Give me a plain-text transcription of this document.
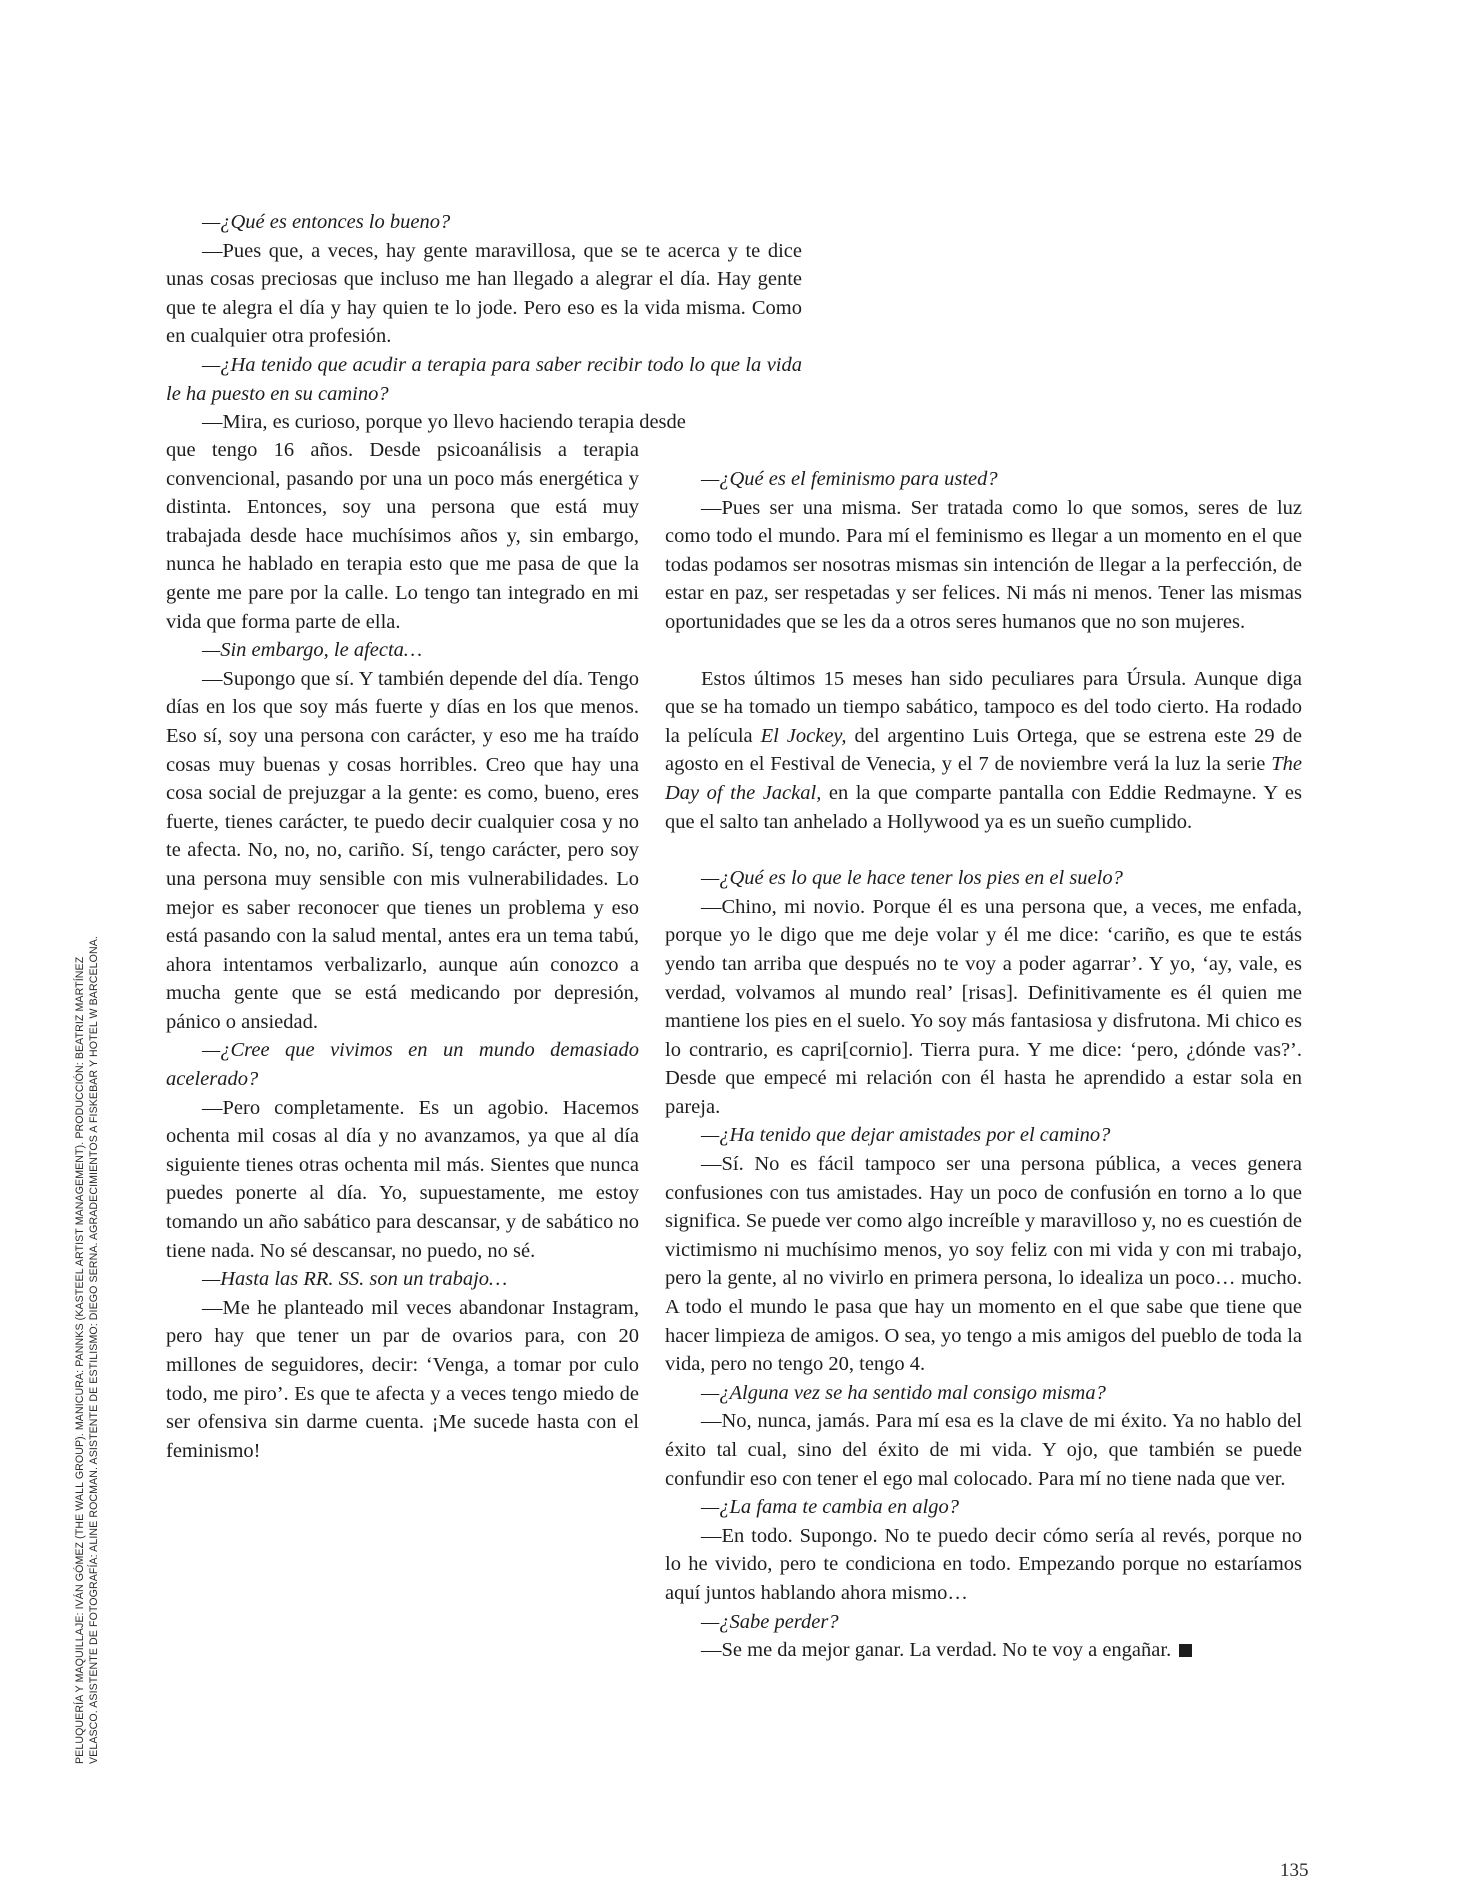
PELUQUERÍA Y MAQUILLAJE: IVÁN GÓMEZ (THE WALL GROUP). MANICURA: PANNKS (KASTEEL ARTIST MANAGEMENT). PRODUCCIÓN: BEATRIZ MARTÍNEZ VELASCO. ASISTENTE DE FOTOGRAFÍA: ALINE ROCMAN. ASISTENTE DE ESTILISMO: DIEGO SERNA. AGRADECIMIENTOS A FISKEBAR Y HOTEL W BARCELONA.

—¿Qué es entonces lo bueno?

—Pues que, a veces, hay gente maravillosa, que se te acerca y te dice unas cosas preciosas que incluso me han llegado a alegrar el día. Hay gente que te alegra el día y hay quien te lo jode. Pero eso es la vida misma. Como en cualquier otra profesión.

—¿Ha tenido que acudir a terapia para saber recibir todo lo que la vida le ha puesto en su camino?

—Mira, es curioso, porque yo llevo haciendo terapia desde

que tengo 16 años. Desde psicoanálisis a terapia convencional, pasando por una un poco más energética y distinta. Entonces, soy una persona que está muy trabajada desde hace muchísimos años y, sin embargo, nunca he hablado en terapia esto que me pasa de que la gente me pare por la calle. Lo tengo tan integrado en mi vida que forma parte de ella.

—Sin embargo, le afecta…

—Supongo que sí. Y también depende del día. Tengo días en los que soy más fuerte y días en los que menos. Eso sí, soy una persona con carácter, y eso me ha traído cosas muy buenas y cosas horribles. Creo que hay una cosa social de prejuzgar a la gente: es como, bueno, eres fuerte, tienes carácter, te puedo decir cualquier cosa y no te afecta. No, no, no, cariño. Sí, tengo carácter, pero soy una persona muy sensible con mis vulnerabilidades. Lo mejor es saber reconocer que tienes un problema y eso está pasando con la salud mental, antes era un tema tabú, ahora intentamos verbalizarlo, aunque aún conozco a mucha gente que se está medicando por depresión, pánico o ansiedad.

—¿Cree que vivimos en un mundo demasiado acelerado?

—Pero completamente. Es un agobio. Hacemos ochenta mil cosas al día y no avanzamos, ya que al día siguiente tienes otras ochenta mil más. Sientes que nunca puedes ponerte al día. Yo, supuestamente, me estoy tomando un año sabático para descansar, y de sabático no tiene nada. No sé descansar, no puedo, no sé.

—Hasta las RR. SS. son un trabajo…

—Me he planteado mil veces abandonar Instagram, pero hay que tener un par de ovarios para, con 20 millones de seguidores, decir: ‘Venga, a tomar por culo todo, me piro’. Es que te afecta y a veces tengo miedo de ser ofensiva sin darme cuenta. ¡Me sucede hasta con el feminismo!

—¿Qué es el feminismo para usted?

—Pues ser una misma. Ser tratada como lo que somos, seres de luz como todo el mundo. Para mí el feminismo es llegar a un momento en el que todas podamos ser nosotras mismas sin intención de llegar a la perfección, de estar en paz, ser respetadas y ser felices. Ni más ni menos. Tener las mismas oportunidades que se les da a otros seres humanos que no son mujeres.

Estos últimos 15 meses han sido peculiares para Úrsula. Aunque diga que se ha tomado un tiempo sabático, tampoco es del todo cierto. Ha rodado la película El Jockey, del argentino Luis Ortega, que se estrena este 29 de agosto en el Festival de Venecia, y el 7 de noviembre verá la luz la serie The Day of the Jackal, en la que comparte pantalla con Eddie Redmayne. Y es que el salto tan anhelado a Hollywood ya es un sueño cumplido.

—¿Qué es lo que le hace tener los pies en el suelo?

—Chino, mi novio. Porque él es una persona que, a veces, me enfada, porque yo le digo que me deje volar y él me dice: ‘cariño, es que te estás yendo tan arriba que después no te voy a poder agarrar’. Y yo, ‘ay, vale, es verdad, volvamos al mundo real’ [risas]. Definitivamente es él quien me mantiene los pies en el suelo. Yo soy más fantasiosa y disfrutona. Mi chico es lo contrario, es capri[cornio]. Tierra pura. Y me dice: ‘pero, ¿dónde vas?’. Desde que empecé mi relación con él hasta he aprendido a estar sola en pareja.

—¿Ha tenido que dejar amistades por el camino?

—Sí. No es fácil tampoco ser una persona pública, a veces genera confusiones con tus amistades. Hay un poco de confusión en torno a lo que significa. Se puede ver como algo increíble y maravilloso y, no es cuestión de victimismo ni muchísimo menos, yo soy feliz con mi vida y con mi trabajo, pero la gente, al no vivirlo en primera persona, lo idealiza un poco… mucho. A todo el mundo le pasa que hay un momento en el que sabe que tiene que hacer limpieza de amigos. O sea, yo tengo a mis amigos del pueblo de toda la vida, pero no tengo 20, tengo 4.

—¿Alguna vez se ha sentido mal consigo misma?

—No, nunca, jamás. Para mí esa es la clave de mi éxito. Ya no hablo del éxito tal cual, sino del éxito de mi vida. Y ojo, que también se puede confundir eso con tener el ego mal colocado. Para mí no tiene nada que ver.

—¿La fama te cambia en algo?

—En todo. Supongo. No te puedo decir cómo sería al revés, porque no lo he vivido, pero te condiciona en todo. Empezando porque no estaríamos aquí juntos hablando ahora mismo…

—¿Sabe perder?

—Se me da mejor ganar. La verdad. No te voy a engañar.

135
